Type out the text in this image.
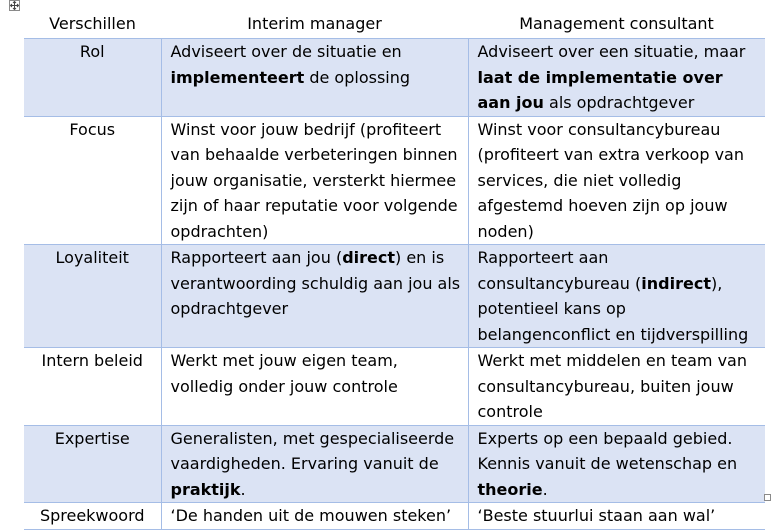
Verschillen	Interim manager	Management consultant
Rol	Adviseert over de situatie en implementeert de oplossing	Adviseert over een situatie, maar laat de implementatie over aan jou als opdrachtgever
Focus	Winst voor jouw bedrijf (profiteert van behaalde verbeteringen binnen jouw organisatie, versterkt hiermee zijn of haar reputatie voor volgende opdrachten)	Winst voor consultancybureau (profiteert van extra verkoop van services, die niet volledig afgestemd hoeven zijn op jouw noden)
Loyaliteit	Rapporteert aan jou (direct) en is verantwoording schuldig aan jou als opdrachtgever	Rapporteert aan consultancybureau (indirect), potentieel kans op belangenconflict en tijdverspilling
Intern beleid	Werkt met jouw eigen team, volledig onder jouw controle	Werkt met middelen en team van consultancybureau, buiten jouw controle
Expertise	Generalisten, met gespecialiseerde vaardigheden. Ervaring vanuit de praktijk.	Experts op een bepaald gebied. Kennis vanuit de wetenschap en theorie.
Spreekwoord	‘De handen uit de mouwen steken’	‘Beste stuurlui staan aan wal’
